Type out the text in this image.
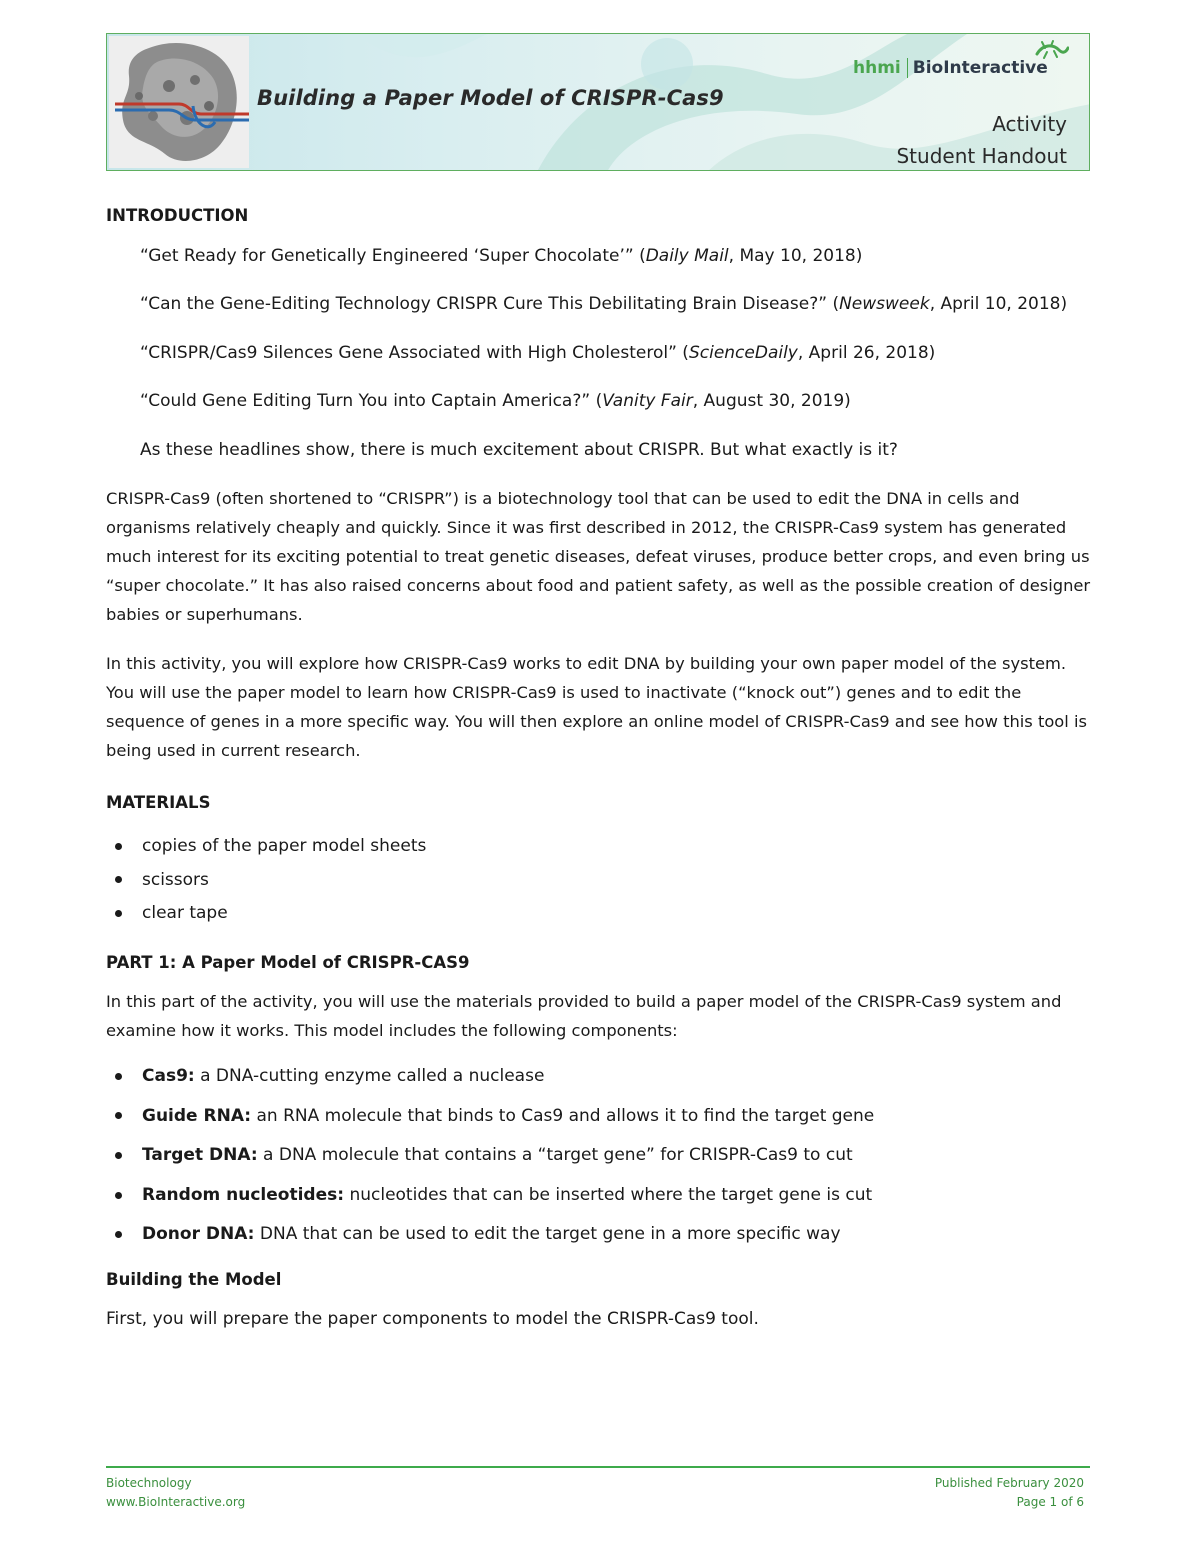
Building a Paper Model of CRISPR-Cas9
hhmi BioInteractive
Activity
Student Handout
INTRODUCTION
“Get Ready for Genetically Engineered ‘Super Chocolate’” (Daily Mail, May 10, 2018)
“Can the Gene-Editing Technology CRISPR Cure This Debilitating Brain Disease?” (Newsweek, April 10, 2018)
“CRISPR/Cas9 Silences Gene Associated with High Cholesterol” (ScienceDaily, April 26, 2018)
“Could Gene Editing Turn You into Captain America?” (Vanity Fair, August 30, 2019)
As these headlines show, there is much excitement about CRISPR. But what exactly is it?
CRISPR-Cas9 (often shortened to “CRISPR”) is a biotechnology tool that can be used to edit the DNA in cells and organisms relatively cheaply and quickly. Since it was first described in 2012, the CRISPR-Cas9 system has generated much interest for its exciting potential to treat genetic diseases, defeat viruses, produce better crops, and even bring us “super chocolate.” It has also raised concerns about food and patient safety, as well as the possible creation of designer babies or superhumans.
In this activity, you will explore how CRISPR-Cas9 works to edit DNA by building your own paper model of the system. You will use the paper model to learn how CRISPR-Cas9 is used to inactivate (“knock out”) genes and to edit the sequence of genes in a more specific way. You will then explore an online model of CRISPR-Cas9 and see how this tool is being used in current research.
MATERIALS
copies of the paper model sheets
scissors
clear tape
PART 1: A Paper Model of CRISPR-CAS9
In this part of the activity, you will use the materials provided to build a paper model of the CRISPR-Cas9 system and examine how it works. This model includes the following components:
Cas9: a DNA-cutting enzyme called a nuclease
Guide RNA: an RNA molecule that binds to Cas9 and allows it to find the target gene
Target DNA: a DNA molecule that contains a “target gene” for CRISPR-Cas9 to cut
Random nucleotides: nucleotides that can be inserted where the target gene is cut
Donor DNA: DNA that can be used to edit the target gene in a more specific way
Building the Model
First, you will prepare the paper components to model the CRISPR-Cas9 tool.
Biotechnology
www.BioInteractive.org
Published February 2020
Page 1 of 6
